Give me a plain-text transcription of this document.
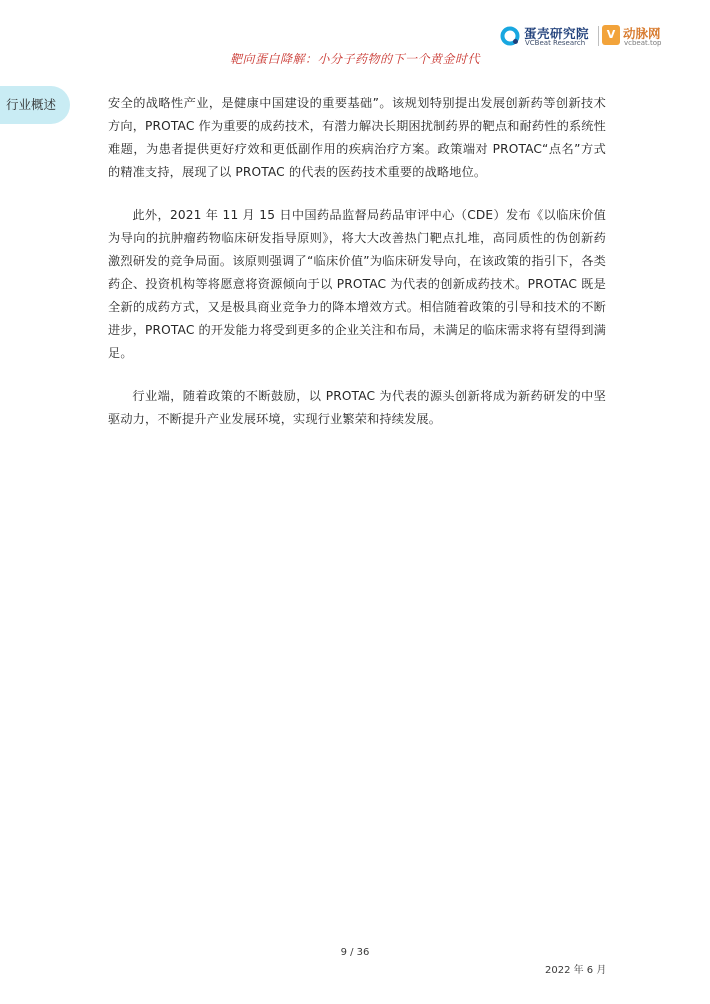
蛋壳研究院
VCBeat Research
V 动脉网
vcbeat.top
靶向蛋白降解：小分子药物的下一个黄金时代
行业概述	安全的战略性产业，是健康中国建设的重要基础”。该规划特别提出发展创新药等创新技术方向，PROTAC 作为重要的成药技术，有潜力解决长期困扰制药界的靶点和耐药性的系统性难题，为患者提供更好疗效和更低副作用的疾病治疗方案。政策端对 PROTAC“点名”方式的精准支持，展现了以 PROTAC 的代表的医药技术重要的战略地位。

此外，2021 年 11 月 15 日中国药品监督局药品审评中心（CDE）发布《以临床价值为导向的抗肿瘤药物临床研发指导原则》，将大大改善热门靶点扎堆，高同质性的伪创新药激烈研发的竞争局面。该原则强调了“临床价值”为临床研发导向，在该政策的指引下，各类药企、投资机构等将愿意将资源倾向于以 PROTAC 为代表的创新成药技术。PROTAC 既是全新的成药方式，又是极具商业竞争力的降本增效方式。相信随着政策的引导和技术的不断进步，PROTAC 的开发能力将受到更多的企业关注和布局，未满足的临床需求将有望得到满足。

行业端，随着政策的不断鼓励，以 PROTAC 为代表的源头创新将成为新药研发的中坚驱动力，不断提升产业发展环境，实现行业繁荣和持续发展。

9 / 36
2022 年 6 月
